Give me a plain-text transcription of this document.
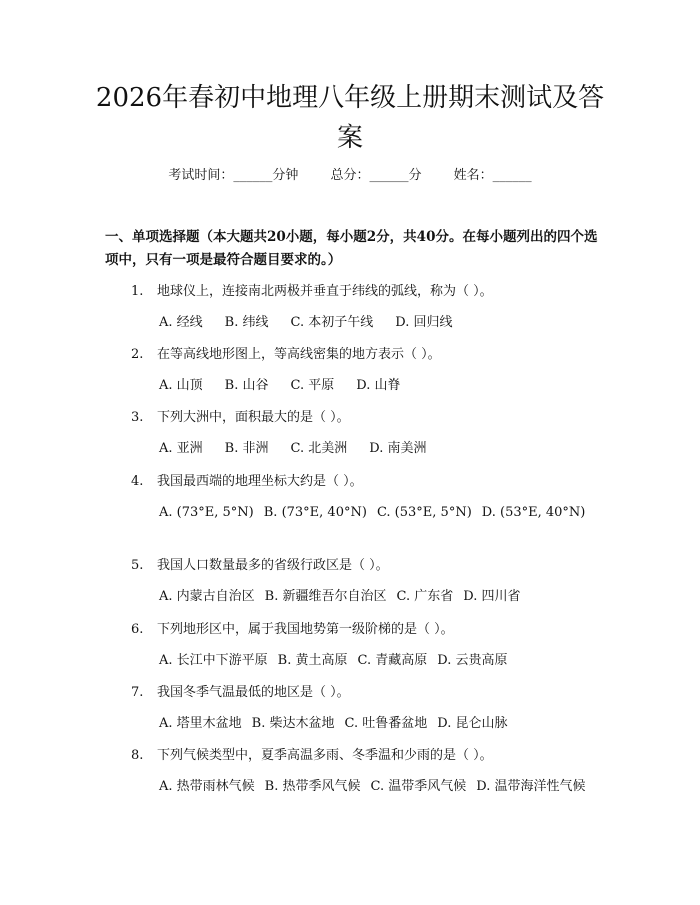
2026年春初中地理八年级上册期末测试及答案
考试时间：______分钟 总分：______分 姓名：______

一、单项选择题（本大题共20小题，每小题2分，共40分。在每小题列出的四个选项中，只有一项是最符合题目要求的。）

1. 地球仪上，连接南北两极并垂直于纬线的弧线，称为（ ）。
A. 经线 B. 纬线 C. 本初子午线 D. 回归线
2. 在等高线地形图上，等高线密集的地方表示（ ）。
A. 山顶 B. 山谷 C. 平原 D. 山脊
3. 下列大洲中，面积最大的是（ ）。
A. 亚洲 B. 非洲 C. 北美洲 D. 南美洲
4. 我国最西端的地理坐标大约是（ ）。
A. (73°E, 5°N) B. (73°E, 40°N) C. (53°E, 5°N) D. (53°E, 40°N)
5. 我国人口数量最多的省级行政区是（ ）。
A. 内蒙古自治区 B. 新疆维吾尔自治区 C. 广东省 D. 四川省
6. 下列地形区中，属于我国地势第一级阶梯的是（ ）。
A. 长江中下游平原 B. 黄土高原 C. 青藏高原 D. 云贵高原
7. 我国冬季气温最低的地区是（ ）。
A. 塔里木盆地 B. 柴达木盆地 C. 吐鲁番盆地 D. 昆仑山脉
8. 下列气候类型中，夏季高温多雨、冬季温和少雨的是（ ）。
A. 热带雨林气候 B. 热带季风气候 C. 温带季风气候 D. 温带海洋性气候
